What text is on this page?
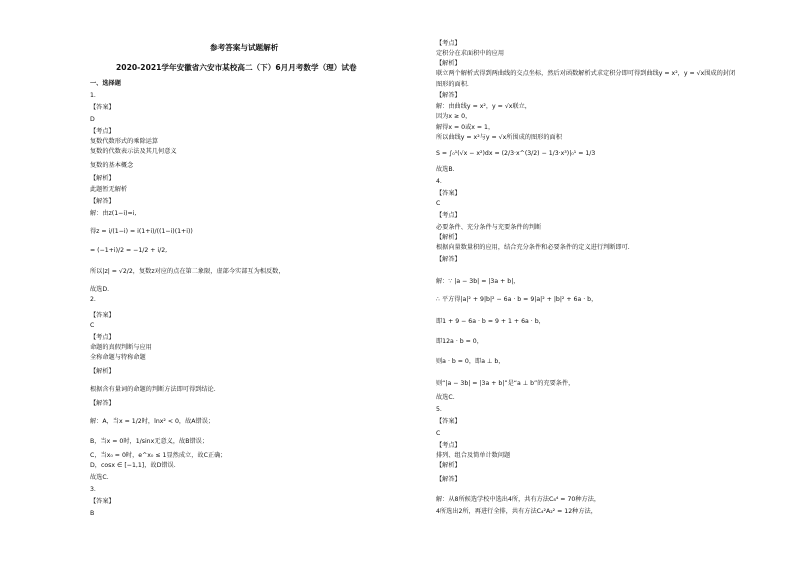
参考答案与试题解析
2020-2021学年安徽省六安市某校高二（下）6月月考数学（理）试卷
一、选择题
1.
【答案】
D
【考点】
复数代数形式的乘除运算
复数的代数表示法及其几何意义
复数的基本概念
【解析】
此题暂无解析
【解答】
解：由z(1−i)=i,
得z = i/(1−i) = i(1+i)/((1−i)(1+i))
= (−1+i)/2 = −1/2 + i/2,
所以|z| = √2/2，复数z对应的点在第二象限，虚部今实部互为相反数，
故选D.
2.
【答案】
C
【考点】
命题的真假判断与应用
全称命题与特称命题
【解析】
根据含有量词的命题的判断方法即可得到结论.
【解答】
解：A，当x = 1/2时，lnx² < 0，故A错误；
B，当x = 0时，1/sinx无意义，故B错误；
C，当x₀ = 0时，e^x₀ ≤ 1显然成立，故C正确；
D，cosx ∈ [−1,1]，故D错误.
故选C.
3.
【答案】
B
【考点】
定积分在求面积中的应用
【解析】
联立两个解析式得到两曲线的交点坐标，然后对函数解析式求定积分即可得到曲线y = x²，y = √x围成的封闭
图形的面积.
【解答】
解：由曲线y = x²，y = √x联立，
因为x ≥ 0，
解得x = 0或x = 1，
所以曲线y = x²与y = √x所围成的图形的面积
S = ∫₀¹(√x − x²)dx = (2/3·x^(3/2) − 1/3·x³)|₀¹ = 1/3
故选B.
4.
【答案】
C
【考点】
必要条件、充分条件与充要条件的判断
【解析】
根据向量数量积的应用，结合充分条件和必要条件的定义进行判断即可.
【解答】
解：∵ |a − 3b| = |3a + b|，
∴ 平方得|a|² + 9|b|² − 6a · b = 9|a|² + |b|² + 6a · b，
即1 + 9 − 6a · b = 9 + 1 + 6a · b，
即12a · b = 0，
则a · b = 0，即a ⊥ b，
则“|a − 3b| = |3a + b|”是“a ⊥ b”的充要条件，
故选C.
5.
【答案】
C
【考点】
排列、组合及简单计数问题
【解析】
【解答】
解：从8所候选学校中选出4所，共有方法C₈⁴ = 70种方法，
4所选出2所，再进行全排，共有方法C₄²A₂² = 12种方法，
